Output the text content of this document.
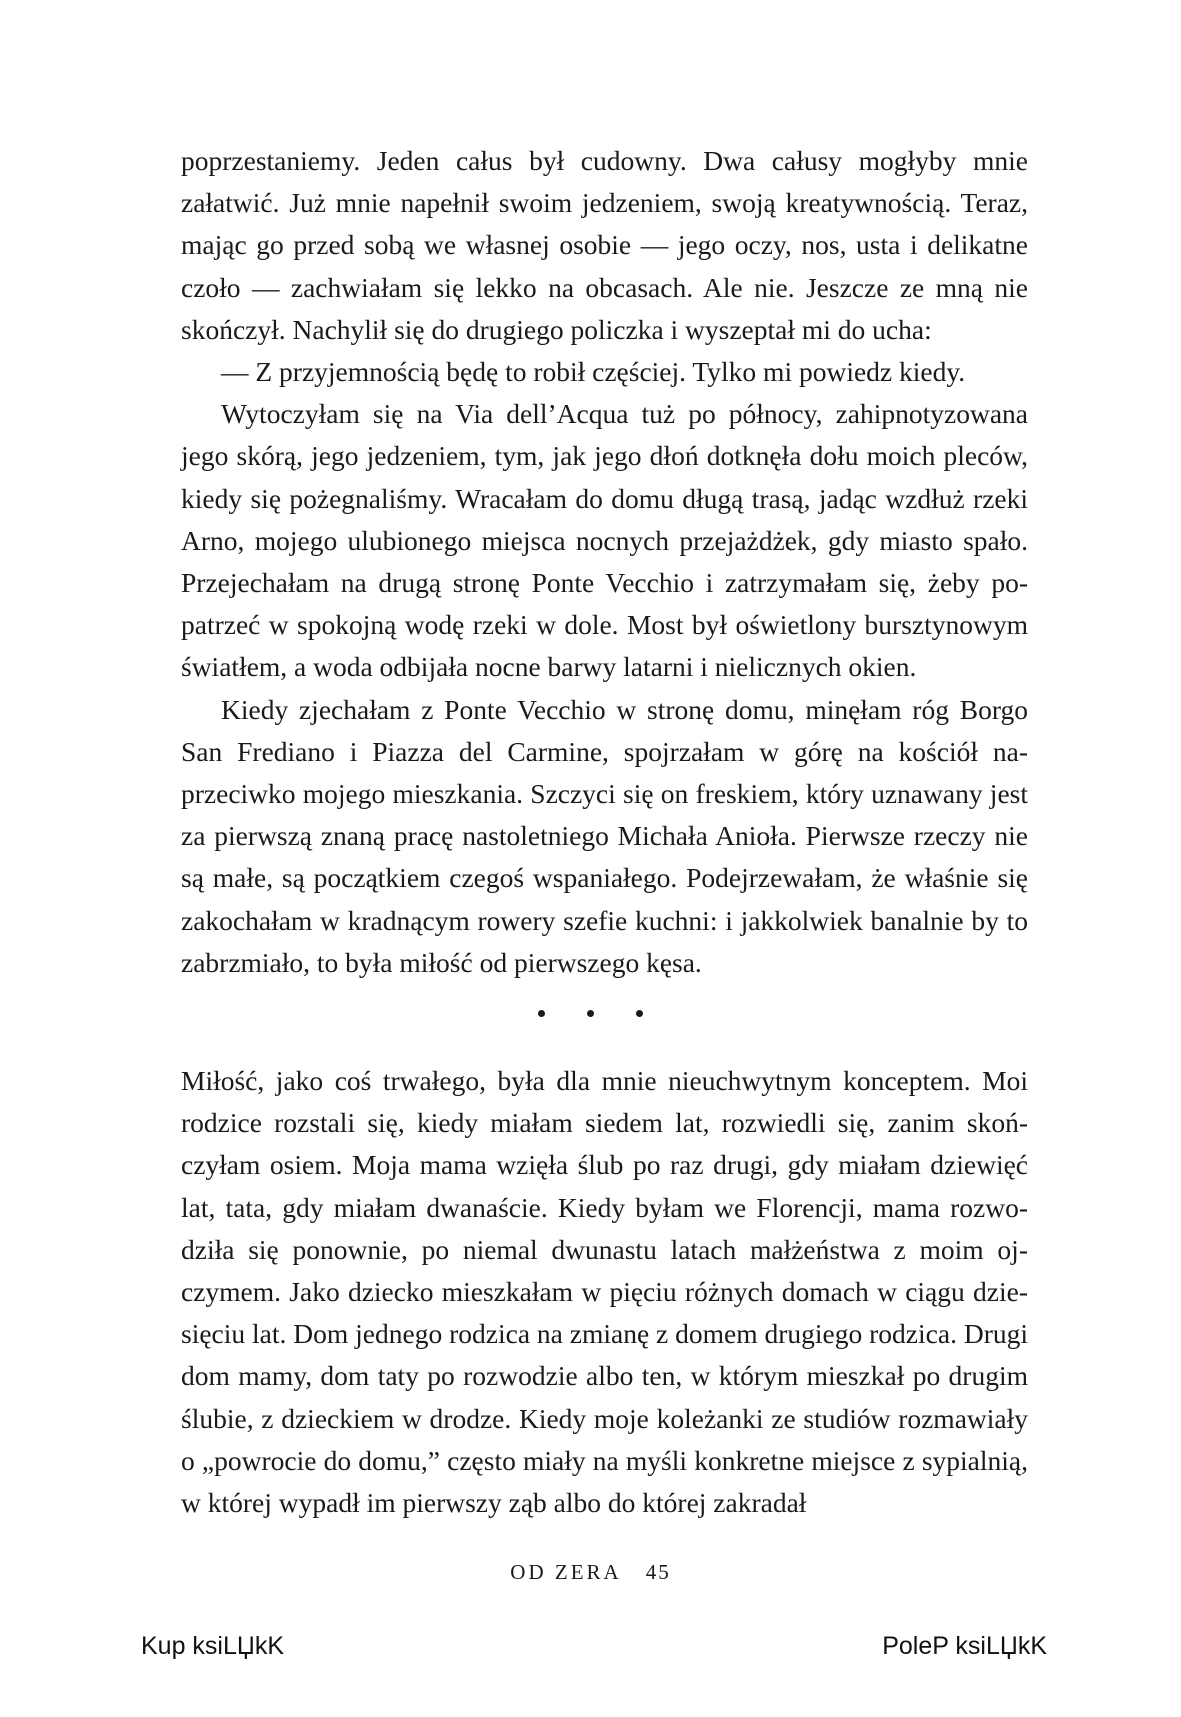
poprzestaniemy. Jeden całus był cudowny. Dwa całusy mogłyby mnie załatwić. Już mnie napełnił swoim jedzeniem, swoją kreatywnością. Teraz, mając go przed sobą we własnej osobie — jego oczy, nos, usta i delikatne czoło — zachwiałam się lekko na obcasach. Ale nie. Jeszcze ze mną nie skończył. Nachylił się do drugiego policzka i wyszeptał mi do ucha:

— Z przyjemnością będę to robił częściej. Tylko mi powiedz kiedy.

Wytoczyłam się na Via dell’Acqua tuż po północy, zahipnotyzowana jego skórą, jego jedzeniem, tym, jak jego dłoń dotknęła dołu moich pleców, kiedy się pożegnaliśmy. Wracałam do domu długą trasą, jadąc wzdłuż rzeki Arno, mojego ulubionego miejsca nocnych przejażdżek, gdy miasto spało. Przejechałam na drugą stronę Ponte Vecchio i zatrzymałam się, żeby popatrzeć w spokojną wodę rzeki w dole. Most był oświetlony bursztynowym światłem, a woda odbijała nocne barwy latarni i nielicznych okien.

Kiedy zjechałam z Ponte Vecchio w stronę domu, minęłam róg Borgo San Frediano i Piazza del Carmine, spojrzałam w górę na kościół naprzeciwko mojego mieszkania. Szczyci się on freskiem, który uznawany jest za pierwszą znaną pracę nastoletniego Michała Anioła. Pierwsze rzeczy nie są małe, są początkiem czegoś wspaniałego. Podejrzewałam, że właśnie się zakochałam w kradnącym rowery szefie kuchni: i jakkolwiek banalnie by to zabrzmiało, to była miłość od pierwszego kęsa.

Miłość, jako coś trwałego, była dla mnie nieuchwytnym konceptem. Moi rodzice rozstali się, kiedy miałam siedem lat, rozwiedli się, zanim skończyłam osiem. Moja mama wzięła ślub po raz drugi, gdy miałam dziewięć lat, tata, gdy miałam dwanaście. Kiedy byłam we Florencji, mama rozwodziła się ponownie, po niemal dwunastu latach małżeństwa z moim ojczymem. Jako dziecko mieszkałam w pięciu różnych domach w ciągu dziesięciu lat. Dom jednego rodzica na zmianę z domem drugiego rodzica. Drugi dom mamy, dom taty po rozwodzie albo ten, w którym mieszkał po drugim ślubie, z dzieckiem w drodze. Kiedy moje koleżanki ze studiów rozmawiały o „powrocie do domu,” często miały na myśli konkretne miejsce z sypialnią, w której wypadł im pierwszy ząb albo do której zakradał

OD ZERA 45
Kup ksiLЏkK	PoleP ksiLЏkK
